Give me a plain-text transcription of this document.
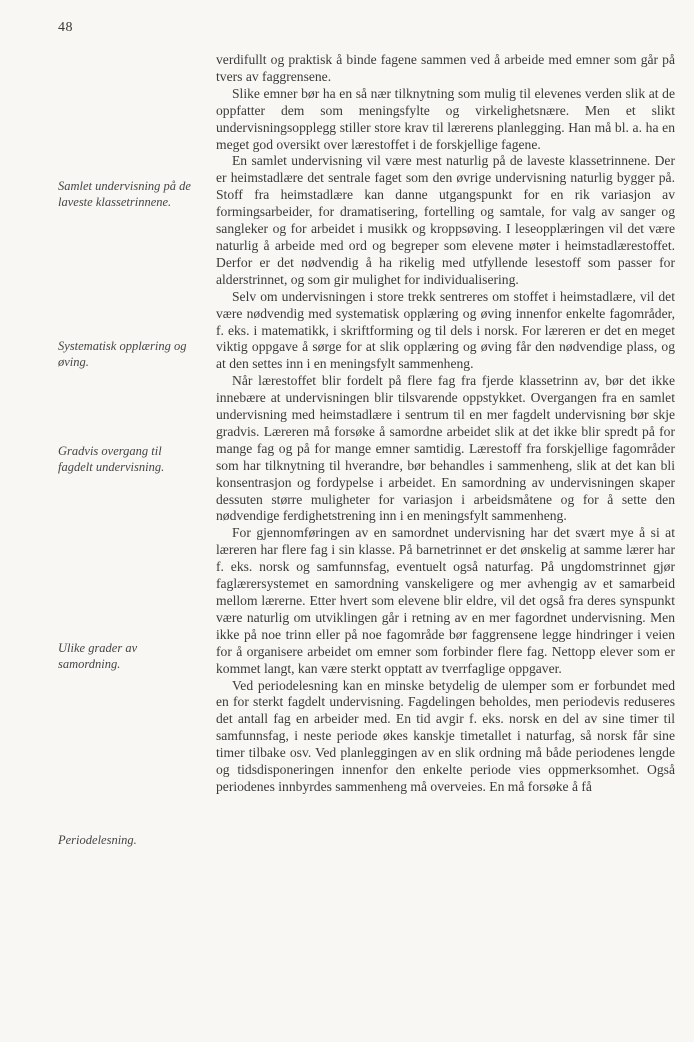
48
Samlet undervisning på de laveste klassetrinnene.
Systematisk opplæring og øving.
Gradvis overgang til fagdelt undervisning.
Ulike grader av samordning.
Periodelesning.

verdifullt og praktisk å binde fagene sammen ved å arbeide med emner som går på tvers av faggrensene.

Slike emner bør ha en så nær tilknytning som mulig til elevenes verden slik at de oppfatter dem som meningsfylte og virkelighetsnære. Men et slikt undervisningsopplegg stiller store krav til lærerens planlegging. Han må bl. a. ha en meget god oversikt over lærestoffet i de forskjellige fagene.

En samlet undervisning vil være mest naturlig på de laveste klassetrinnene. Der er heimstadlære det sentrale faget som den øvrige undervisning naturlig bygger på. Stoff fra heimstadlære kan danne utgangspunkt for en rik variasjon av formingsarbeider, for dramatisering, fortelling og samtale, for valg av sanger og sangleker og for arbeidet i musikk og kroppsøving. I leseopplæringen vil det være naturlig å arbeide med ord og begreper som elevene møter i heimstadlærestoffet. Derfor er det nødvendig å ha rikelig med utfyllende lesestoff som passer for alderstrinnet, og som gir mulighet for individualisering.

Selv om undervisningen i store trekk sentreres om stoffet i heimstadlære, vil det være nødvendig med systematisk opplæring og øving innenfor enkelte fagområder, f. eks. i matematikk, i skriftforming og til dels i norsk. For læreren er det en meget viktig oppgave å sørge for at slik opplæring og øving får den nødvendige plass, og at den settes inn i en meningsfylt sammenheng.

Når lærestoffet blir fordelt på flere fag fra fjerde klassetrinn av, bør det ikke innebære at undervisningen blir tilsvarende oppstykket. Overgangen fra en samlet undervisning med heimstadlære i sentrum til en mer fagdelt undervisning bør skje gradvis. Læreren må forsøke å samordne arbeidet slik at det ikke blir spredt på for mange fag og på for mange emner samtidig. Lærestoff fra forskjellige fagområder som har tilknytning til hverandre, bør behandles i sammenheng, slik at det kan bli konsentrasjon og fordypelse i arbeidet. En samordning av undervisningen skaper dessuten større muligheter for variasjon i arbeidsmåtene og for å sette den nødvendige ferdighetstrening inn i en meningsfylt sammenheng.

For gjennomføringen av en samordnet undervisning har det svært mye å si at læreren har flere fag i sin klasse. På barnetrinnet er det ønskelig at samme lærer har f. eks. norsk og samfunnsfag, eventuelt også naturfag. På ungdomstrinnet gjør faglærersystemet en samordning vanskeligere og mer avhengig av et samarbeid mellom lærerne. Etter hvert som elevene blir eldre, vil det også fra deres synspunkt være naturlig om utviklingen går i retning av en mer fagordnet undervisning. Men ikke på noe trinn eller på noe fagområde bør faggrensene legge hindringer i veien for å organisere arbeidet om emner som forbinder flere fag. Nettopp elever som er kommet langt, kan være sterkt opptatt av tverrfaglige oppgaver.

Ved periodelesning kan en minske betydelig de ulemper som er forbundet med en for sterkt fagdelt undervisning. Fagdelingen beholdes, men periodevis reduseres det antall fag en arbeider med. En tid avgir f. eks. norsk en del av sine timer til samfunnsfag, i neste periode økes kanskje timetallet i naturfag, så norsk får sine timer tilbake osv. Ved planleggingen av en slik ordning må både periodenes lengde og tidsdisponeringen innenfor den enkelte periode vies oppmerksomhet. Også periodenes innbyrdes sammenheng må overveies. En må forsøke å få
